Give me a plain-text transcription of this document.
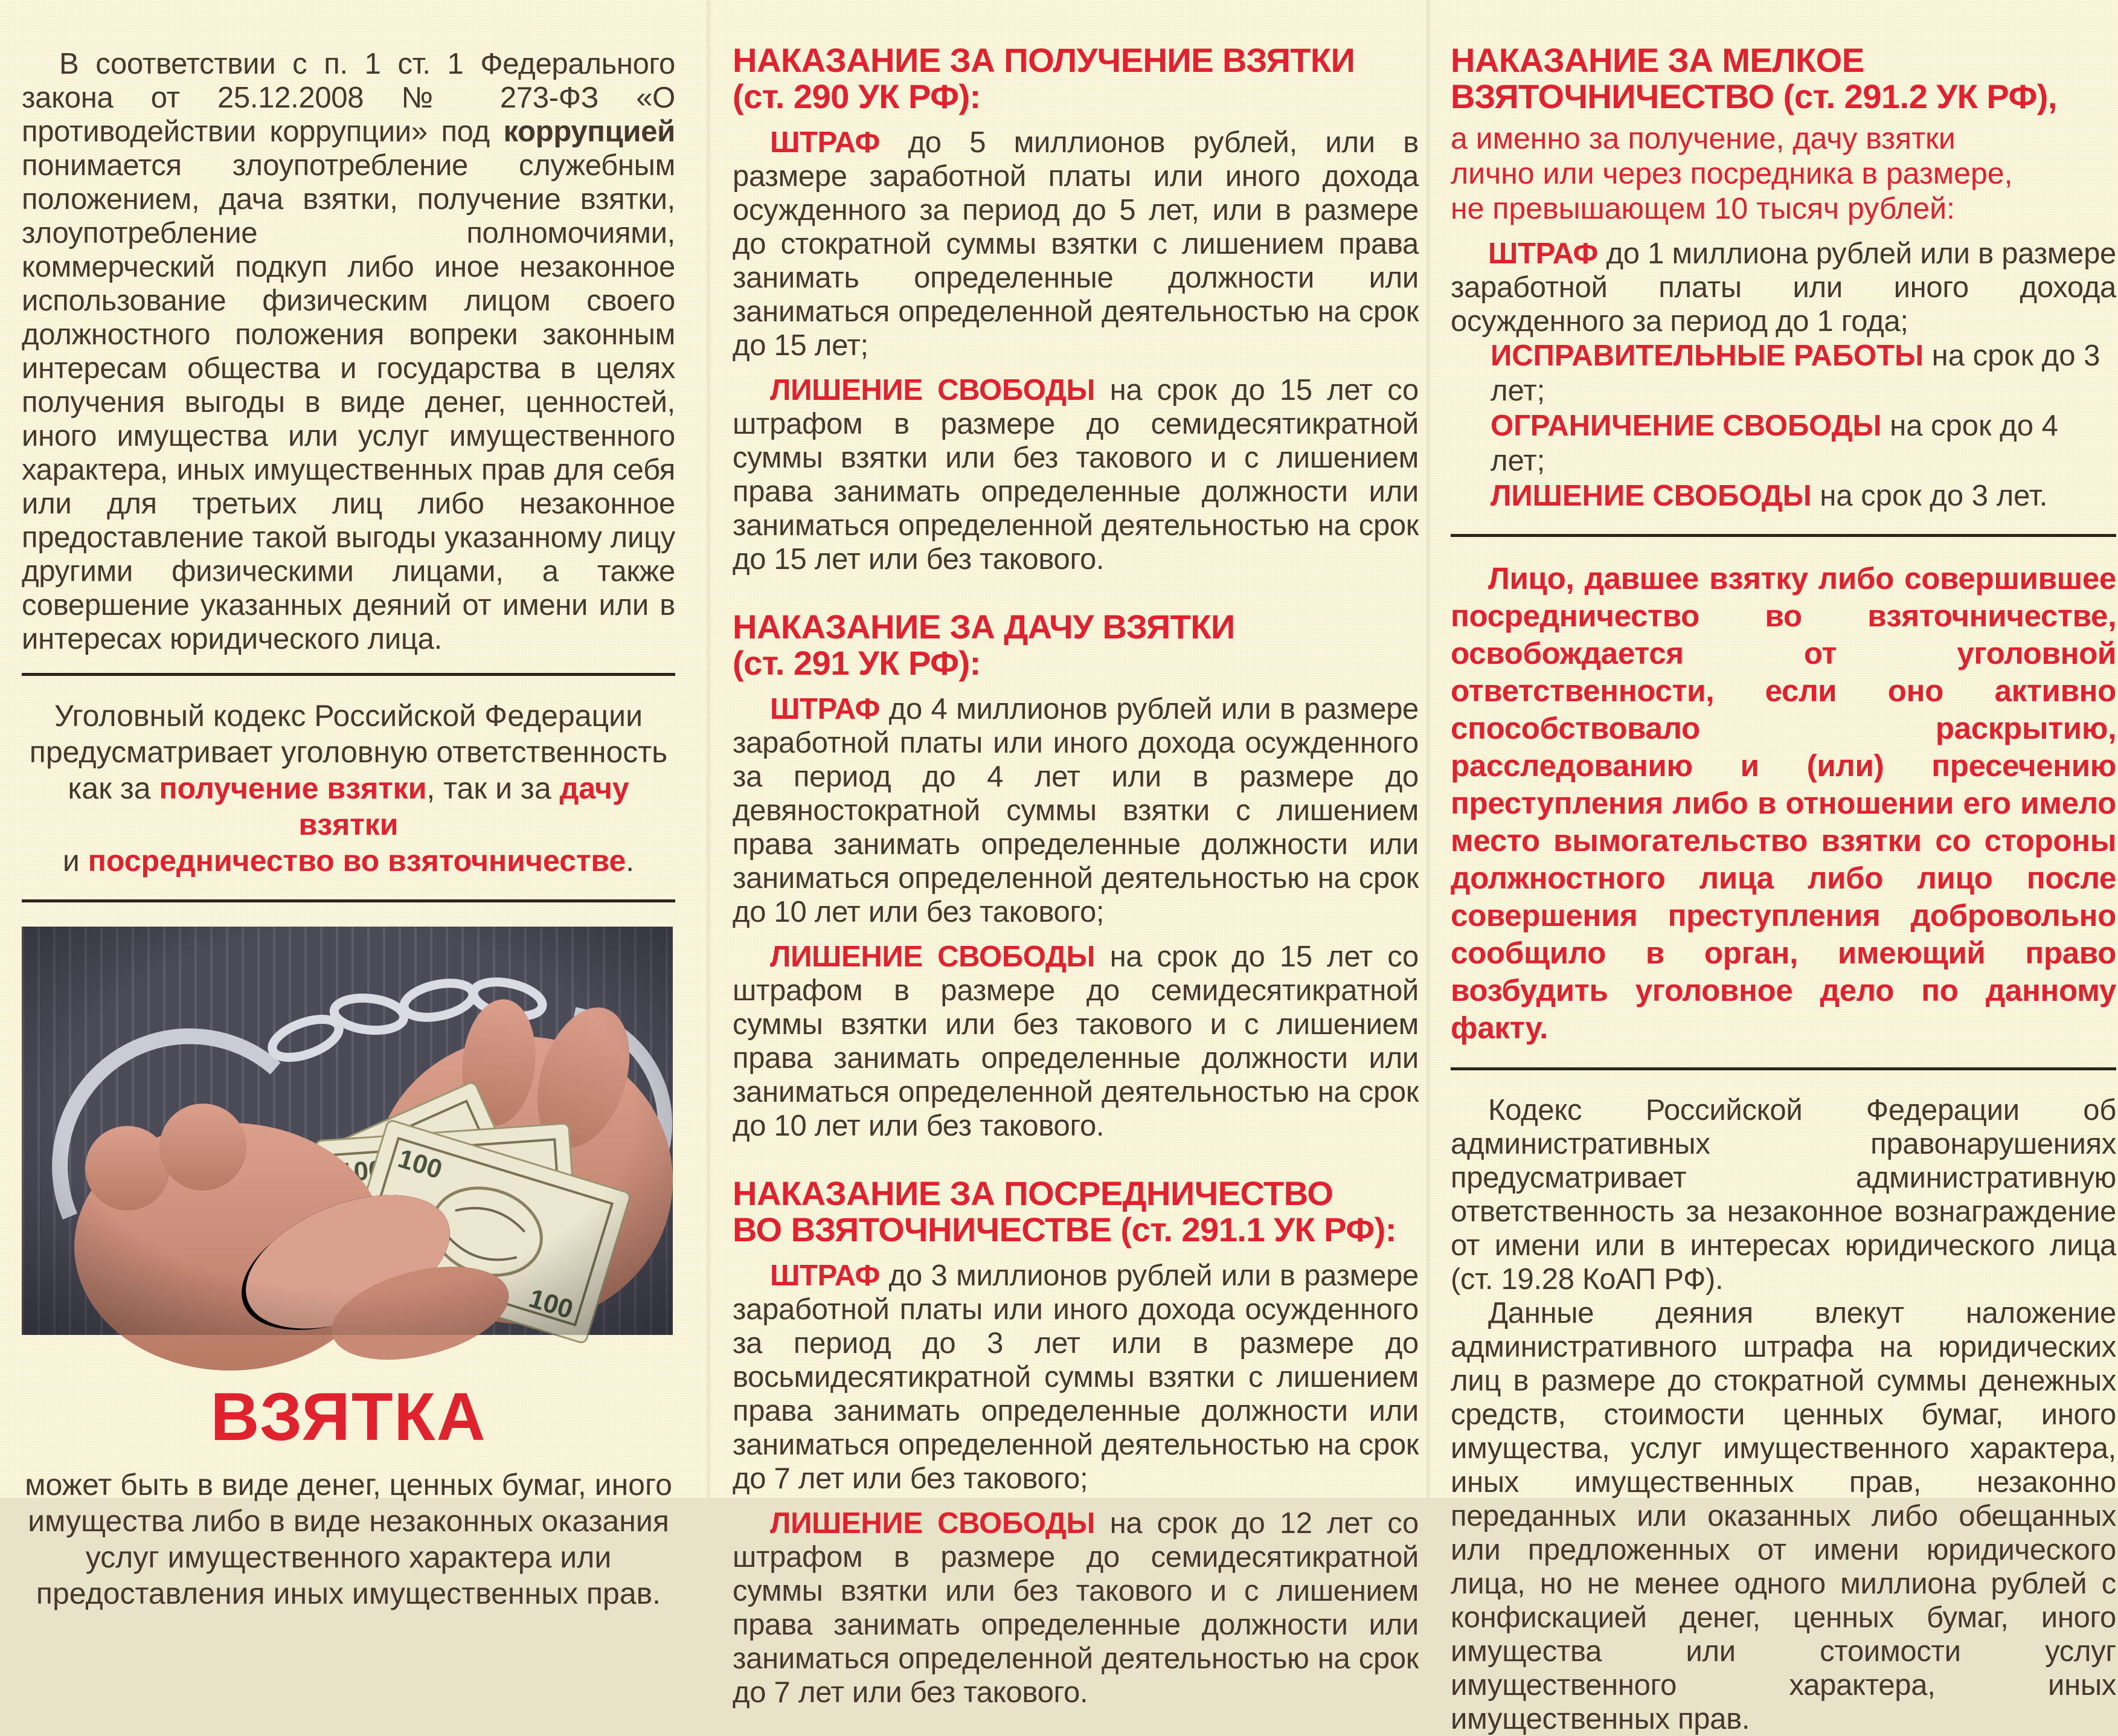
В соответствии с п. 1 ст. 1 Федерального закона от 25.12.2008 № 273-ФЗ «О противодействии коррупции» под коррупцией понимается злоупотребление служебным положением, дача взятки, получение взятки, злоупотребление полномочиями, коммерческий подкуп либо иное незаконное использование физическим лицом своего должностного положения вопреки законным интересам общества и государства в целях получения выгоды в виде денег, ценностей, иного имущества или услуг имущественного характера, иных имущественных прав для себя или для третьих лиц либо незаконное предоставление такой выгоды указанному лицу другими физическими лицами, а также совершение указанных деяний от имени или в интересах юридического лица.

Уголовный кодекс Российской Федерации
предусматривает уголовную ответственность
как за получение взятки, так и за дачу взятки
и посредничество во взяточничестве.
ВЗЯТКА

может быть в виде денег, ценных бумаг, иного имущества либо в виде незаконных оказания услуг имущественного характера или предоставления иных имущественных прав.

НАКАЗАНИЕ ЗА ПОЛУЧЕНИЕ ВЗЯТКИ
(ст. 290 УК РФ):

ШТРАФ до 5 миллионов рублей, или в размере заработной платы или иного дохода осужденного за период до 5 лет, или в размере до стократной суммы взятки с лишением права занимать определенные должности или заниматься определенной деятельностью на срок до 15 лет;

ЛИШЕНИЕ СВОБОДЫ на срок до 15 лет со штрафом в размере до семидесятикратной суммы взятки или без такового и с лишением права занимать определенные должности или заниматься определенной деятельностью на срок до 15 лет или без такового.

НАКАЗАНИЕ ЗА ДАЧУ ВЗЯТКИ
(ст. 291 УК РФ):

ШТРАФ до 4 миллионов рублей или в размере заработной платы или иного дохода осужденного за период до 4 лет или в размере до девяностократной суммы взятки с лишением права занимать определенные должности или заниматься определенной деятельностью на срок до 10 лет или без такового;

ЛИШЕНИЕ СВОБОДЫ на срок до 15 лет со штрафом в размере до семидесятикратной суммы взятки или без такового и с лишением права занимать определенные должности или заниматься определенной деятельностью на срок до 10 лет или без такового.

НАКАЗАНИЕ ЗА ПОСРЕДНИЧЕСТВО
ВО ВЗЯТОЧНИЧЕСТВЕ (ст. 291.1 УК РФ):

ШТРАФ до 3 миллионов рублей или в размере заработной платы или иного дохода осужденного за период до 3 лет или в размере до восьмидесятикратной суммы взятки с лишением права занимать определенные должности или заниматься определенной деятельностью на срок до 7 лет или без такового;

ЛИШЕНИЕ СВОБОДЫ на срок до 12 лет со штрафом в размере до семидесятикратной суммы взятки или без такового и с лишением права занимать определенные должности или заниматься определенной деятельностью на срок до 7 лет или без такового.

НАКАЗАНИЕ ЗА МЕЛКОЕ
ВЗЯТОЧНИЧЕСТВО (ст. 291.2 УК РФ),
а именно за получение, дачу взятки
лично или через посредника в размере,
не превышающем 10 тысяч рублей:

ШТРАФ до 1 миллиона рублей или в размере заработной платы или иного дохода осужденного за период до 1 года;

ИСПРАВИТЕЛЬНЫЕ РАБОТЫ на срок до 3 лет;

ОГРАНИЧЕНИЕ СВОБОДЫ на срок до 4 лет;

ЛИШЕНИЕ СВОБОДЫ на срок до 3 лет.

Лицо, давшее взятку либо совершившее посредничество во взяточничестве, освобождается от уголовной ответственности, если оно активно способствовало раскрытию, расследованию и (или) пресечению преступления либо в отношении его имело место вымогательство взятки со стороны должностного лица либо лицо после совершения преступления добровольно сообщило в орган, имеющий право возбудить уголовное дело по данному факту.

Кодекс Российской Федерации об административных правонарушениях предусматривает административную ответственность за незаконное вознаграждение от имени или в интересах юридического лица (ст. 19.28 КоАП РФ).

Данные деяния влекут наложение административного штрафа на юридических лиц в размере до стократной суммы денежных средств, стоимости ценных бумаг, иного имущества, услуг имущественного характера, иных имущественных прав, незаконно переданных или оказанных либо обещанных или предложенных от имени юридического лица, но не менее одного миллиона рублей с конфискацией денег, ценных бумаг, иного имущества или стоимости услуг имущественного характера, иных имущественных прав.
